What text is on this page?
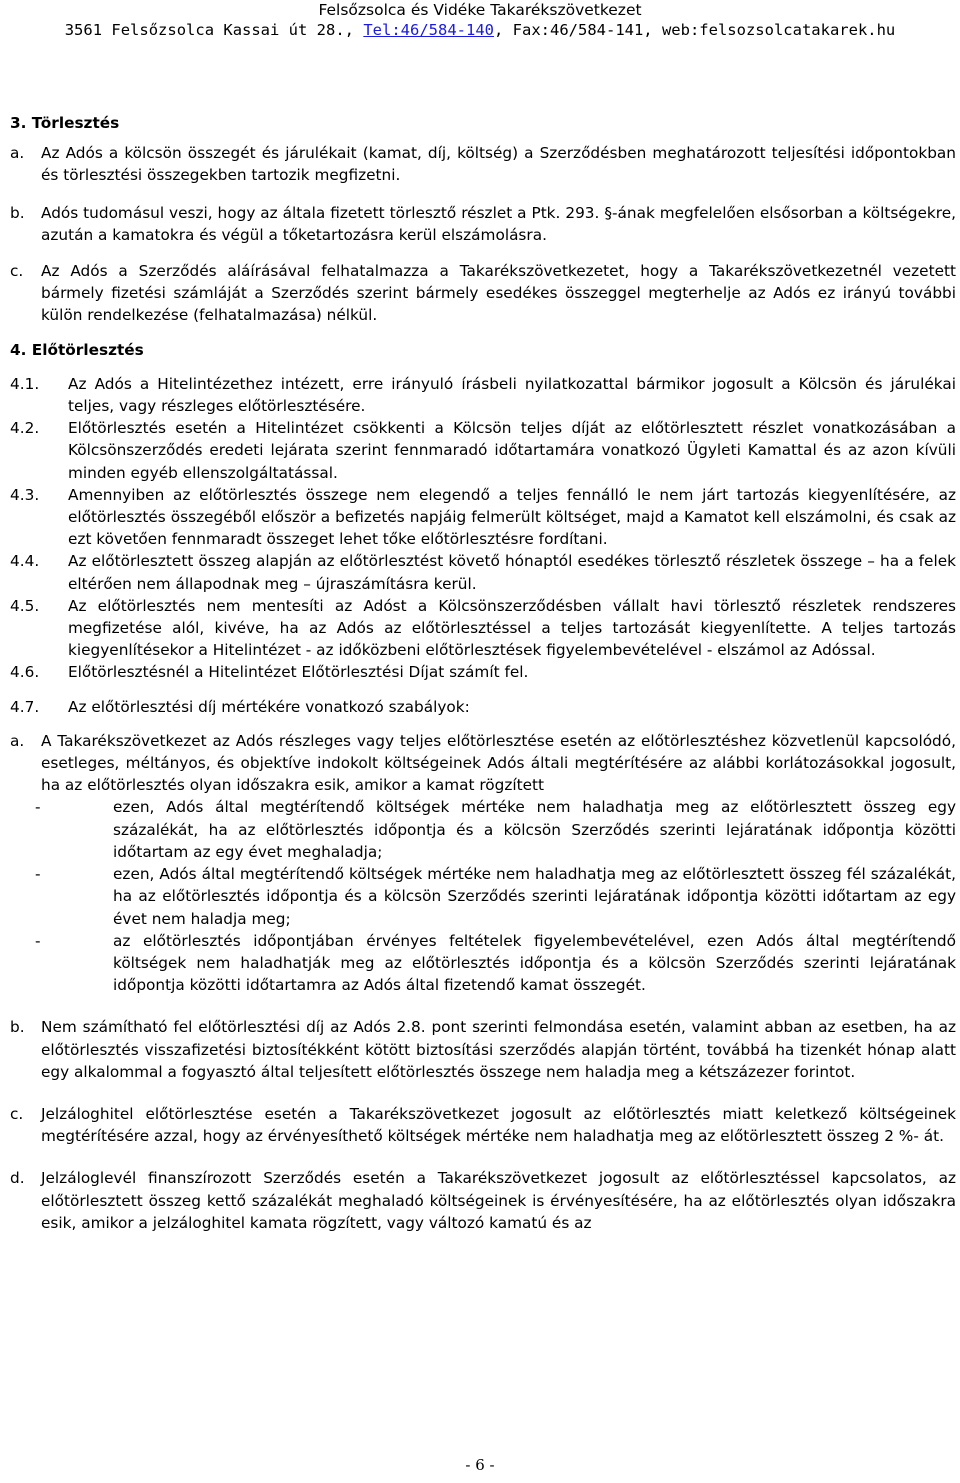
Felsőzsolca és Vidéke Takarékszövetkezet
3561 Felsőzsolca Kassai út 28., Tel:46/584-140, Fax:46/584-141, web:felsozsolcatakarek.hu

3. Törlesztés

a.	Az Adós a kölcsön összegét és járulékait (kamat, díj, költség) a Szerződésben meghatározott teljesítési időpontokban és törlesztési összegekben tartozik megfizetni.
b.	Adós tudomásul veszi, hogy az általa fizetett törlesztő részlet a Ptk. 293. §-ának megfelelően elsősorban a költségekre, azután a kamatokra és végül a tőketartozásra kerül elszámolásra.
c.	Az Adós a Szerződés aláírásával felhatalmazza a Takarékszövetkezetet, hogy a Takarékszövetkezetnél vezetett bármely fizetési számláját a Szerződés szerint bármely esedékes összeggel megterhelje az Adós ez irányú további külön rendelkezése (felhatalmazása) nélkül.

4. Előtörlesztés

4.1.	Az Adós a Hitelintézethez intézett, erre irányuló írásbeli nyilatkozattal bármikor jogosult a Kölcsön és járulékai teljes, vagy részleges előtörlesztésére.
4.2.	Előtörlesztés esetén a Hitelintézet csökkenti a Kölcsön teljes díját az előtörlesztett részlet vonatkozásában a Kölcsönszerződés eredeti lejárata szerint fennmaradó időtartamára vonatkozó Ügyleti Kamattal és az azon kívüli minden egyéb ellenszolgáltatással.
4.3.	Amennyiben az előtörlesztés összege nem elegendő a teljes fennálló le nem járt tartozás kiegyenlítésére, az előtörlesztés összegéből először a befizetés napjáig felmerült költséget, majd a Kamatot kell elszámolni, és csak az ezt követően fennmaradt összeget lehet tőke előtörlesztésre fordítani.
4.4.	Az előtörlesztett összeg alapján az előtörlesztést követő hónaptól esedékes törlesztő részletek összege – ha a felek eltérően nem állapodnak meg – újraszámításra kerül.
4.5.	Az előtörlesztés nem mentesíti az Adóst a Kölcsönszerződésben vállalt havi törlesztő részletek rendszeres megfizetése alól, kivéve, ha az Adós az előtörlesztéssel a teljes tartozását kiegyenlítette. A teljes tartozás kiegyenlítésekor a Hitelintézet - az időközbeni előtörlesztések figyelembevételével - elszámol az Adóssal.
4.6.	Előtörlesztésnél a Hitelintézet Előtörlesztési Díjat számít fel.
4.7.	Az előtörlesztési díj mértékére vonatkozó szabályok:
a.	A Takarékszövetkezet az Adós részleges vagy teljes előtörlesztése esetén az előtörlesztéshez közvetlenül kapcsolódó, esetleges, méltányos, és objektíve indokolt költségeinek Adós általi megtérítésére az alábbi korlátozásokkal jogosult, ha az előtörlesztés olyan időszakra esik, amikor a kamat rögzített
-	ezen, Adós által megtérítendő költségek mértéke nem haladhatja meg az előtörlesztett összeg egy százalékát, ha az előtörlesztés időpontja és a kölcsön Szerződés szerinti lejáratának időpontja közötti időtartam az egy évet meghaladja;
-	ezen, Adós által megtérítendő költségek mértéke nem haladhatja meg az előtörlesztett összeg fél százalékát, ha az előtörlesztés időpontja és a kölcsön Szerződés szerinti lejáratának időpontja közötti időtartam az egy évet nem haladja meg;
-	az előtörlesztés időpontjában érvényes feltételek figyelembevételével, ezen Adós által megtérítendő költségek nem haladhatják meg az előtörlesztés időpontja és a kölcsön Szerződés szerinti lejáratának időpontja közötti időtartamra az Adós által fizetendő kamat összegét.
b.	Nem számítható fel előtörlesztési díj az Adós 2.8. pont szerinti felmondása esetén, valamint abban az esetben, ha az előtörlesztés visszafizetési biztosítékként kötött biztosítási szerződés alapján történt, továbbá ha tizenkét hónap alatt egy alkalommal a fogyasztó által teljesített előtörlesztés összege nem haladja meg a kétszázezer forintot.
c.	Jelzáloghitel előtörlesztése esetén a Takarékszövetkezet jogosult az előtörlesztés miatt keletkező költségeinek megtérítésére azzal, hogy az érvényesíthető költségek mértéke nem haladhatja meg az előtörlesztett összeg 2 %- át.
d.	Jelzáloglevél finanszírozott Szerződés esetén a Takarékszövetkezet jogosult az előtörlesztéssel kapcsolatos, az előtörlesztett összeg kettő százalékát meghaladó költségeinek is érvényesítésére, ha az előtörlesztés olyan időszakra esik, amikor a jelzáloghitel kamata rögzített, vagy változó kamatú és az
- 6 -
